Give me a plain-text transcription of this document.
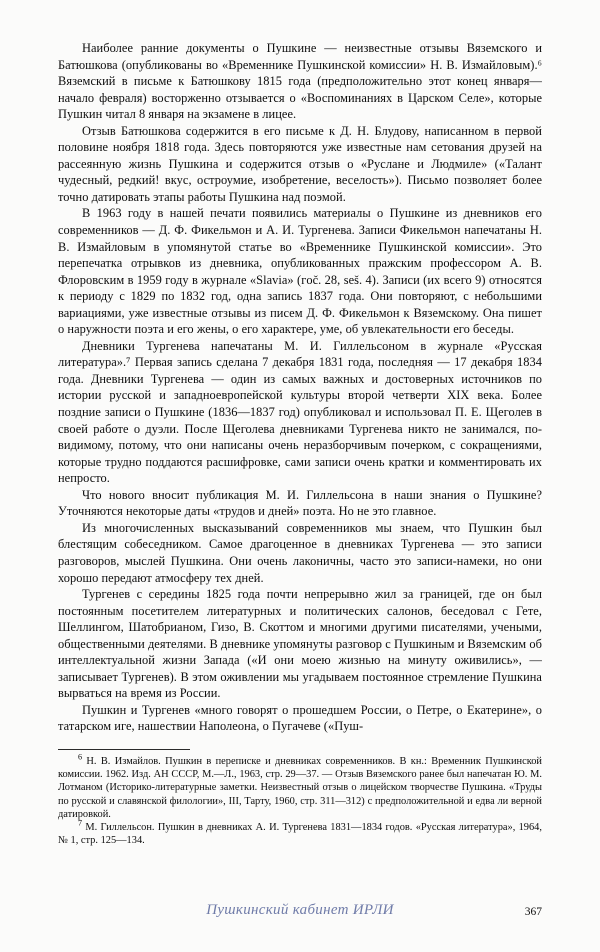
Наиболее ранние документы о Пушкине — неизвестные отзывы Вяземского и Батюшкова (опубликованы во «Временнике Пушкинской комиссии» Н. В. Измайловым).⁶ Вяземский в письме к Батюшкову 1815 года (предположительно этот конец января—начало февраля) восторженно отзывается о «Воспоминаниях в Царском Селе», которые Пушкин читал 8 января на экзамене в лицее.

Отзыв Батюшкова содержится в его письме к Д. Н. Блудову, написанном в первой половине ноября 1818 года. Здесь повторяются уже известные нам сетования друзей на рассеянную жизнь Пушкина и содержится отзыв о «Руслане и Людмиле» («Талант чудесный, редкий! вкус, остроумие, изобретение, веселость»). Письмо позволяет более точно датировать этапы работы Пушкина над поэмой.

В 1963 году в нашей печати появились материалы о Пушкине из дневников его современников — Д. Ф. Фикельмон и А. И. Тургенева. Записи Фикельмон напечатаны Н. В. Измайловым в упомянутой статье во «Временнике Пушкинской комиссии». Это перепечатка отрывков из дневника, опубликованных пражским профессором А. В. Флоровским в 1959 году в журнале «Slavia» (гoč. 28, seš. 4). Записи (их всего 9) относятся к периоду с 1829 по 1832 год, одна запись 1837 года. Они повторяют, с небольшими вариациями, уже известные отзывы из писем Д. Ф. Фикельмон к Вяземскому. Она пишет о наружности поэта и его жены, о его характере, уме, об увлекательности его беседы.

Дневники Тургенева напечатаны М. И. Гиллельсоном в журнале «Русская литература».⁷ Первая запись сделана 7 декабря 1831 года, последняя — 17 декабря 1834 года. Дневники Тургенева — один из самых важных и достоверных источников по истории русской и западноевропейской культуры второй четверти XIX века. Более поздние записи о Пушкине (1836—1837 год) опубликовал и использовал П. Е. Щеголев в своей работе о дуэли. После Щеголева дневниками Тургенева никто не занимался, по-видимому, потому, что они написаны очень неразборчивым почерком, с сокращениями, которые трудно поддаются расшифровке, сами записи очень кратки и комментировать их непросто.

Что нового вносит публикация М. И. Гиллельсона в наши знания о Пушкине? Уточняются некоторые даты «трудов и дней» поэта. Но не это главное.

Из многочисленных высказываний современников мы знаем, что Пушкин был блестящим собеседником. Самое драгоценное в дневниках Тургенева — это записи разговоров, мыслей Пушкина. Они очень лаконичны, часто это записи-намеки, но они хорошо передают атмосферу тех дней.

Тургенев с середины 1825 года почти непрерывно жил за границей, где он был постоянным посетителем литературных и политических салонов, беседовал с Гете, Шеллингом, Шатобрианом, Гизо, В. Скоттом и многими другими писателями, учеными, общественными деятелями. В дневнике упомянуты разговор с Пушкиным и Вяземским об интеллектуальной жизни Запада («И они моею жизнью на минуту оживились», — записывает Тургенев). В этом оживлении мы угадываем постоянное стремление Пушкина вырваться на время из России.

Пушкин и Тургенев «много говорят о прошедшем России, о Петре, о Екатерине», о татарском иге, нашествии Наполеона, о Пугачеве («Пуш-

$^6$ Н. В. Измайлов. Пушкин в переписке и дневниках современников. В кн.: Временник Пушкинской комиссии. 1962. Изд. АН СССР, М.—Л., 1963, стр. 29—37. — Отзыв Вяземского ранее был напечатан Ю. М. Лотманом (Историко-литературные заметки. Неизвестный отзыв о лицейском творчестве Пушкина. «Труды по русской и славянской филологии», III, Тарту, 1960, стр. 311—312) с предположительной и едва ли верной датировкой.

$^7$ М. Гиллельсон. Пушкин в дневниках А. И. Тургенева 1831—1834 годов. «Русская литература», 1964, № 1, стр. 125—134.

Пушкинский кабинет ИРЛИ	367
